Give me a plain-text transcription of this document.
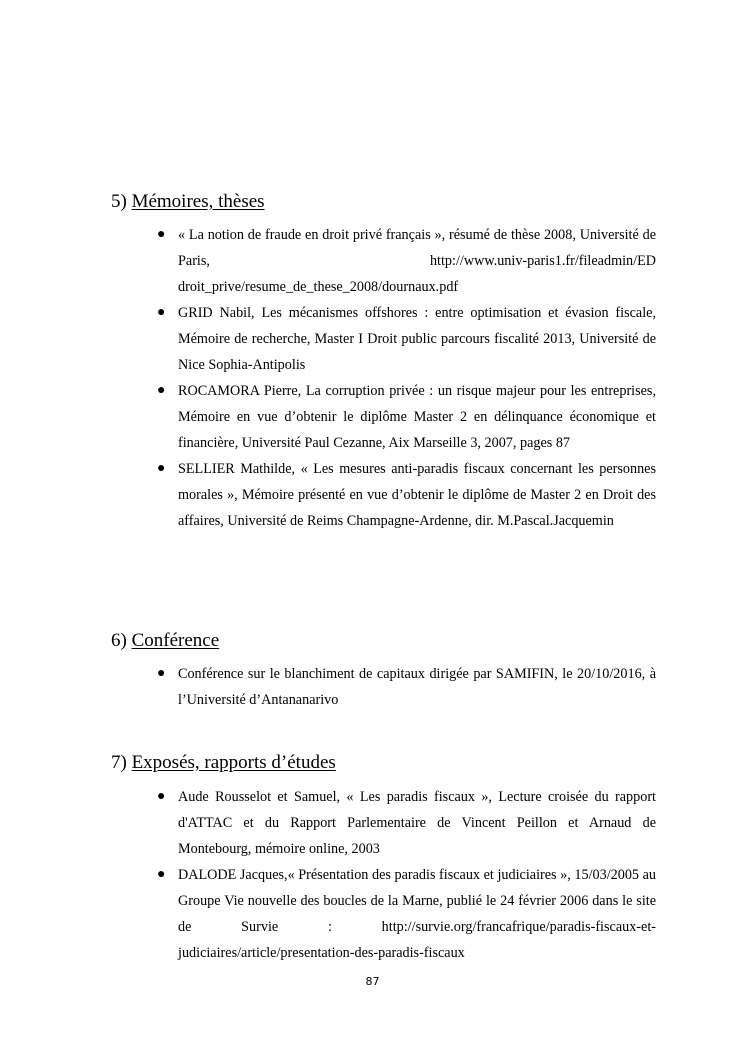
5) Mémoires, thèses
● « La notion de fraude en droit privé français », résumé de thèse 2008, Université de Paris, http://www.univ-paris1.fr/fileadmin/ED droit_prive/resume_de_these_2008/dournaux.pdf
● GRID Nabil, Les mécanismes offshores : entre optimisation et évasion fiscale, Mémoire de recherche, Master I Droit public parcours fiscalité 2013, Université de Nice Sophia-Antipolis
● ROCAMORA Pierre, La corruption privée : un risque majeur pour les entreprises, Mémoire en vue d’obtenir le diplôme Master 2 en délinquance économique et financière, Université Paul Cezanne, Aix Marseille 3, 2007, pages 87
● SELLIER Mathilde, « Les mesures anti-paradis fiscaux concernant les personnes morales », Mémoire présenté en vue d’obtenir le diplôme de Master 2 en Droit des affaires, Université de Reims Champagne-Ardenne, dir. M.Pascal.Jacquemin
6) Conférence
● Conférence sur le blanchiment de capitaux dirigée par SAMIFIN, le 20/10/2016, à l’Université d’Antananarivo
7) Exposés, rapports d’études
● Aude Rousselot et Samuel, « Les paradis fiscaux », Lecture croisée du rapport d'ATTAC et du Rapport Parlementaire de Vincent Peillon et Arnaud de Montebourg, mémoire online, 2003
● DALODE Jacques,« Présentation des paradis fiscaux et judiciaires », 15/03/2005 au Groupe Vie nouvelle des boucles de la Marne, publié le 24 février 2006 dans le site de Survie : http://survie.org/francafrique/paradis-fiscaux-et-judiciaires/article/presentation-des-paradis-fiscaux
87
